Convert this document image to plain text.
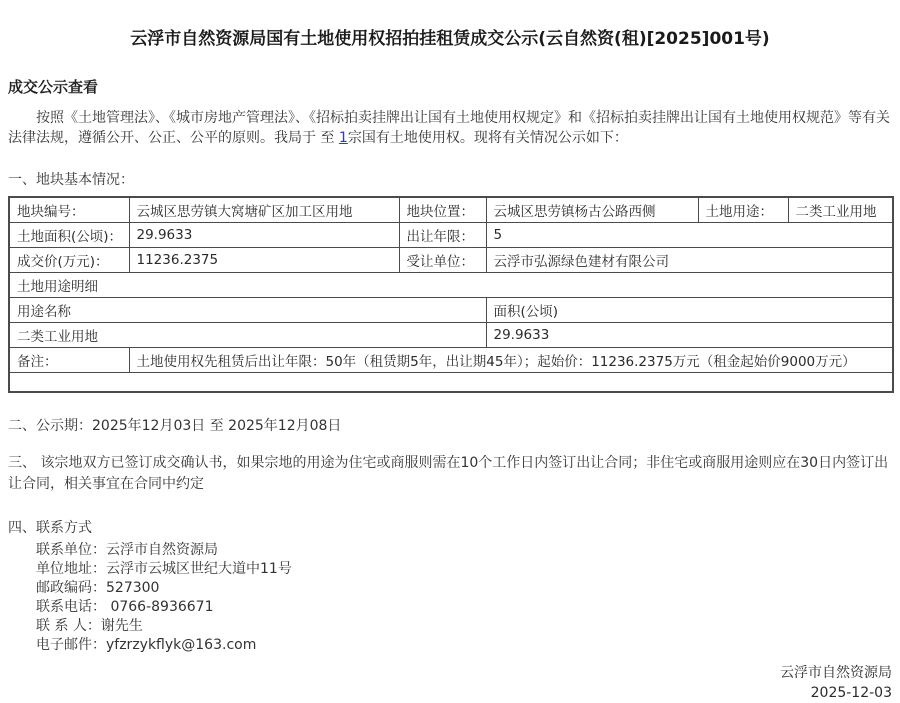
云浮市自然资源局国有土地使用权招拍挂租赁成交公示(云自然资(租)[2025]001号)
成交公示查看
按照《土地管理法》、《城市房地产管理法》、《招标拍卖挂牌出让国有土地使用权规定》和《招标拍卖挂牌出让国有土地使用权规范》等有关法律法规，遵循公开、公正、公平的原则。我局于 至 1宗国有土地使用权。现将有关情况公示如下：
一、地块基本情况：
地块编号：	云城区思劳镇大窝塘矿区加工区用地	地块位置：	云城区思劳镇杨古公路西侧	土地用途：	二类工业用地
土地面积(公顷)：	29.9633	出让年限：	5		
成交价(万元)：	11236.2375	受让单位：	云浮市弘源绿色建材有限公司		
土地用途明细					
用途名称			面积(公顷)		
二类工业用地			29.9633		
备注：	土地使用权先租赁后出让年限：50年（租赁期5年，出让期45年）；起始价：11236.2375万元（租金起始价9000万元）				

二、公示期：2025年12月03日 至 2025年12月08日
三、 该宗地双方已签订成交确认书，如果宗地的用途为住宅或商服则需在10个工作日内签订出让合同；非住宅或商服用途则应在30日内签订出让合同，相关事宜在合同中约定
四、联系方式
联系单位：云浮市自然资源局
单位地址：云浮市云城区世纪大道中11号
邮政编码：527300
联系电话： 0766-8936671
联 系 人：谢先生
电子邮件：yfzrzykflyk@163.com
云浮市自然资源局
2025-12-03
